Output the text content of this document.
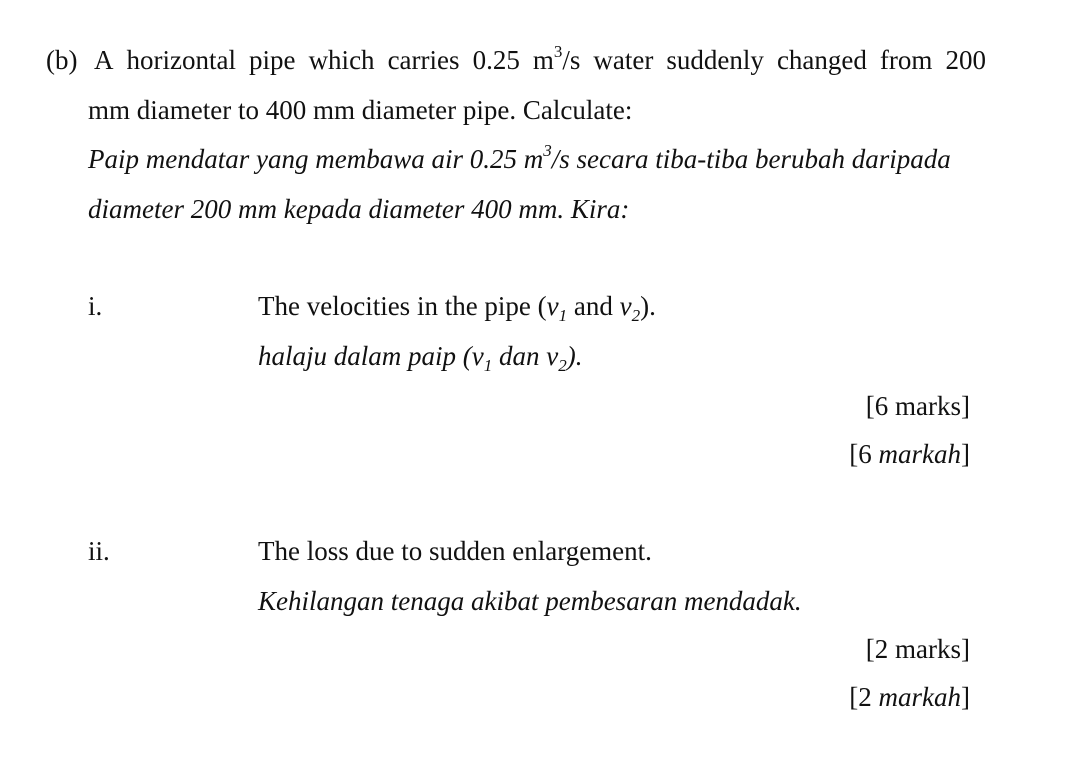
(b) A horizontal pipe which carries 0.25 $m^3/s$ water suddenly changed from 200
mm diameter to 400 mm diameter pipe. Calculate:
Paip mendatar yang membawa air 0.25 $m^3/s$ secara tiba-tiba berubah daripada
diameter 200 mm kepada diameter 400 mm. Kira:
i.	The velocities in the pipe ($v_1$ and $v_2$).
halaju dalam paip ($v_1$ dan $v_2$).
[6 marks]
[6 markah]
ii.	The loss due to sudden enlargement.
Kehilangan tenaga akibat pembesaran mendadak.
[2 marks]
[2 markah]
